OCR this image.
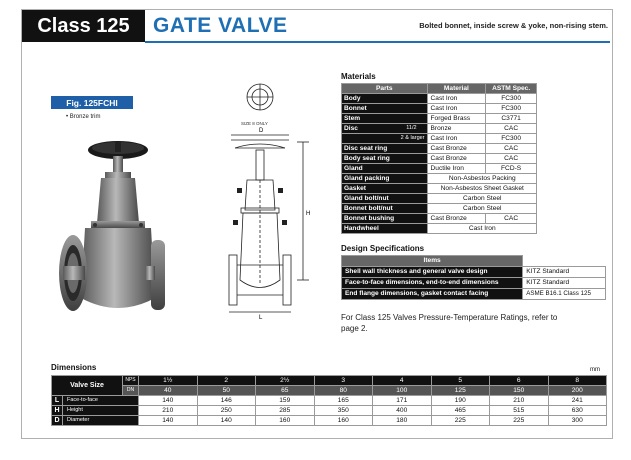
Class 125	GATE VALVE	Bolted bonnet, inside screw & yoke, non-rising stem.
Fig. 125FCHI
• Bronze trim
D
H
L
SIZE 8 ONLY
Materials
Parts	Material	ASTM Spec.
Body	Cast Iron	FC300
Bonnet	Cast Iron	FC300
Stem	Forged Brass	C3771
Disc 11/2	Bronze	CAC
2 & larger	Cast Iron	FC300
Disc seat ring	Cast Bronze	CAC
Body seat ring	Cast Bronze	CAC
Gland	Ductile Iron	FCD-S
Gland packing	Non-Asbestos Packing	
Gasket	Non-Asbestos Sheet Gasket	
Gland bolt/nut	Carbon Steel	
Bonnet bolt/nut	Carbon Steel	
Bonnet bushing	Cast Bronze	CAC
Handwheel	Cast Iron	
Design Specifications
Items	
Shell wall thickness and general valve design	KITZ Standard
Face-to-face dimensions, end-to-end dimensions	KITZ Standard
End flange dimensions, gasket contact facing	ASME B16.1 Class 125
For Class 125 Valves Pressure-Temperature Ratings, refer to page 2.
Dimensions	mm
Valve Size		NPS	1½	2	2½	3	4	5	6	8
		DN	40	50	65	80	100	125	150	200
L	Face-to-face		140	146	159	165	171	190	210	241
H	Height		210	250	285	350	400	465	515	630
D	Diameter		140	140	160	160	180	225	225	300
